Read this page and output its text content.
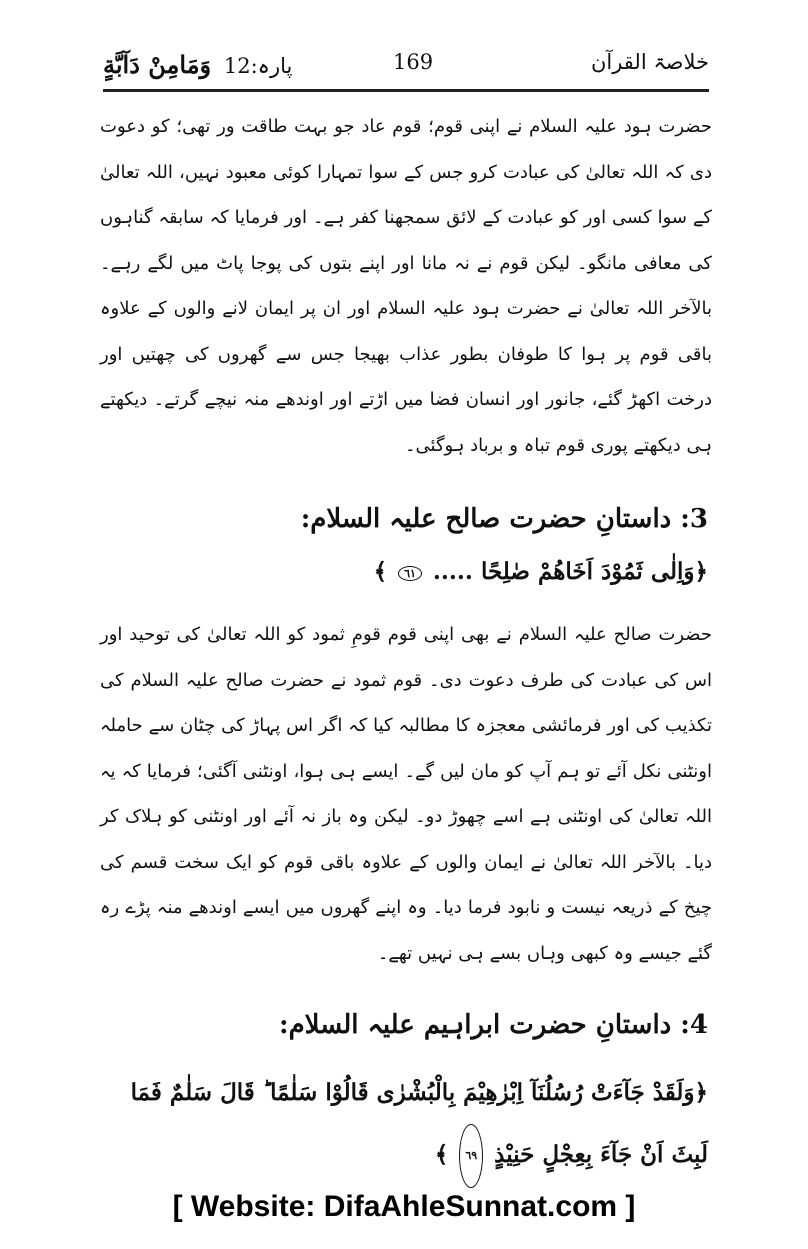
خلاصۃ القرآن
169
پارہ:12 وَمَامِنْ دَآبَّةٍ

حضرت ہود علیہ السلام نے اپنی قوم؛ قوم عاد جو بہت طاقت ور تھی؛ کو دعوت دی کہ اللہ تعالیٰ کی عبادت کرو جس کے سوا تمہارا کوئی معبود نہیں، اللہ تعالیٰ کے سوا کسی اور کو عبادت کے لائق سمجھنا کفر ہے۔ اور فرمایا کہ سابقہ گناہوں کی معافی مانگو۔ لیکن قوم نے نہ مانا اور اپنے بتوں کی پوجا پاٹ میں لگے رہے۔ بالآخر اللہ تعالیٰ نے حضرت ہود علیہ السلام اور ان پر ایمان لانے والوں کے علاوہ باقی قوم پر ہوا کا طوفان بطور عذاب بھیجا جس سے گھروں کی چھتیں اور درخت اکھڑ گئے، جانور اور انسان فضا میں اڑتے اور اوندھے منہ نیچے گرتے۔ دیکھتے ہی دیکھتے پوری قوم تباہ و برباد ہوگئی۔

3: داستانِ حضرت صالح علیہ السلام:
﴿وَاِلٰى ثَمُوْدَ اَخَاهُمْ صٰلِحًا ..... ٦١ ﴾

حضرت صالح علیہ السلام نے بھی اپنی قوم قومِ ثمود کو اللہ تعالیٰ کی توحید اور اس کی عبادت کی طرف دعوت دی۔ قوم ثمود نے حضرت صالح علیہ السلام کی تکذیب کی اور فرمائشی معجزہ کا مطالبہ کیا کہ اگر اس پہاڑ کی چٹان سے حاملہ اونٹنی نکل آئے تو ہم آپ کو مان لیں گے۔ ایسے ہی ہوا، اونٹنی آگئی؛ فرمایا کہ یہ اللہ تعالیٰ کی اونٹنی ہے اسے چھوڑ دو۔ لیکن وہ باز نہ آئے اور اونٹنی کو ہلاک کر دیا۔ بالآخر اللہ تعالیٰ نے ایمان والوں کے علاوہ باقی قوم کو ایک سخت قسم کی چیخ کے ذریعہ نیست و نابود فرما دیا۔ وہ اپنے گھروں میں ایسے اوندھے منہ پڑے رہ گئے جیسے وہ کبھی وہاں بسے ہی نہیں تھے۔

4: داستانِ حضرت ابراہیم علیہ السلام:
﴿وَلَقَدْ جَآءَتْ رُسُلُنَآ اِبْرٰهِيْمَ بِالْبُشْرٰى قَالُوْا سَلٰمًا ؕ قَالَ سَلٰمٌ فَمَا لَبِثَ اَنْ جَآءَ بِعِجْلٍ حَنِيْذٍ ٦٩ ﴾
[ Website: DifaAhleSunnat.com ]
